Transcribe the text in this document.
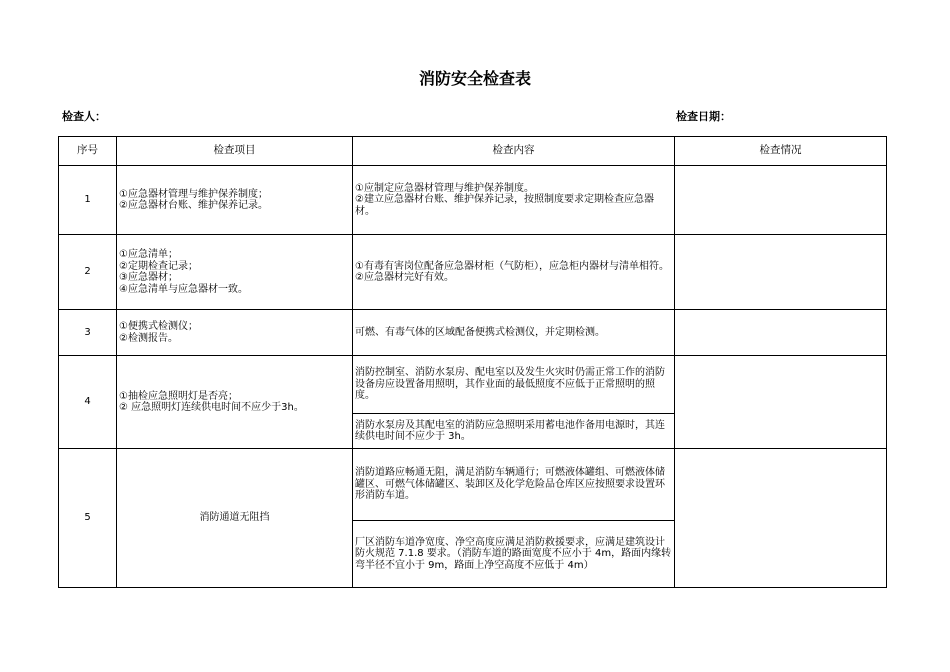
消防安全检查表
检查人：	检查日期：
序号	检查项目	检查内容	检查情况
1	①应急器材管理与维护保养制度；
②应急器材台账、维护保养记录。	①应制定应急器材管理与维护保养制度。
②建立应急器材台账、维护保养记录，按照制度要求定期检查应急器材。	

2	①应急清单；
②定期检查记录；
③应急器材；
④应急清单与应急器材一致。	①有毒有害岗位配备应急器材柜（气防柜），应急柜内器材与清单相符。
②应急器材完好有效。	

3	①便携式检测仪；
②检测报告。	可燃、有毒气体的区域配备便携式检测仪，并定期检测。	

4	①抽检应急照明灯是否亮；
② 应急照明灯连续供电时间不应少于3h。	消防控制室、消防水泵房、配电室以及发生火灾时仍需正常工作的消防设备房应设置备用照明，其作业面的最低照度不应低于正常照明的照度。	

		消防水泵房及其配电室的消防应急照明采用蓄电池作备用电源时，其连续供电时间不应少于 3h。	

5	消防通道无阻挡	消防道路应畅通无阻，满足消防车辆通行；可燃液体罐组、可燃液体储罐区、可燃气体储罐区、装卸区及化学危险品仓库区应按照要求设置环形消防车道。	

		厂区消防车道净宽度、净空高度应满足消防救援要求，应满足建筑设计防火规范 7.1.8 要求。（消防车道的路面宽度不应小于 4m，路面内缘转弯半径不宜小于 9m，路面上净空高度不应低于 4m）	
